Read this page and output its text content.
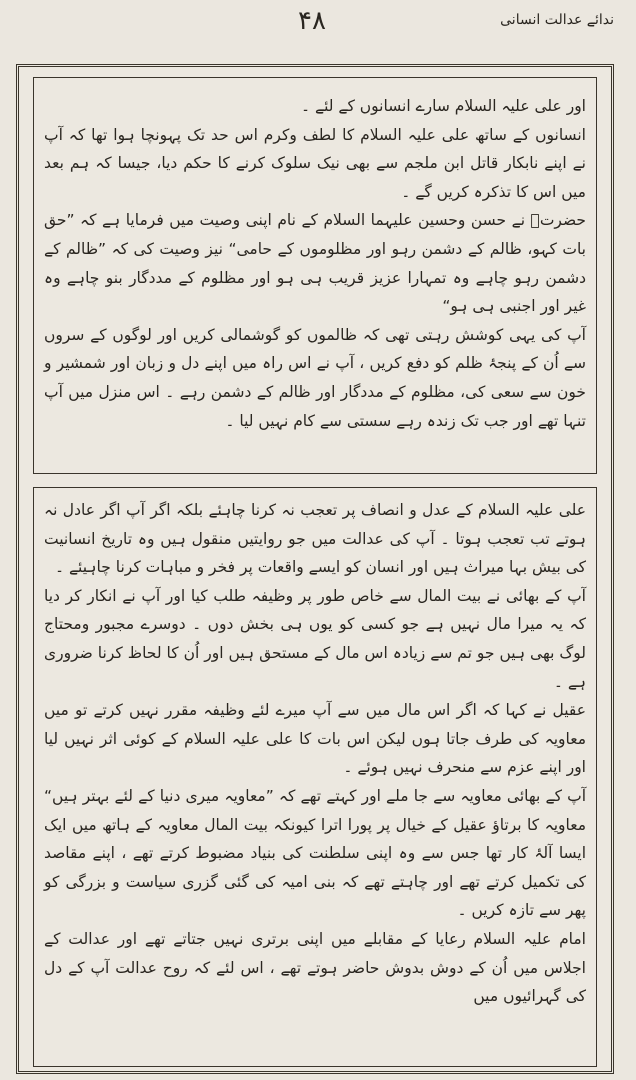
۴۸	ندائے عدالت انسانی

اور علی علیہ السلام سارے انسانوں کے لئے ۔

انسانوں کے ساتھ علی علیہ السلام کا لطف وکرم اس حد تک پہونچا ہوا تھا کہ آپ نے اپنے نابکار قاتل ابن ملجم سے بھی نیک سلوک کرنے کا حکم دیا، جیسا کہ ہم بعد میں اس کا تذکرہ کریں گے ۔

حضرتؑ نے حسن وحسین علیہما السلام کے نام اپنی وصیت میں فرمایا ہے کہ ”حق بات کہو، ظالم کے دشمن رہو اور مظلوموں کے حامی“ نیز وصیت کی کہ ”ظالم کے دشمن رہو چاہے وہ تمہارا عزیز قریب ہی ہو اور مظلوم کے مددگار بنو چاہے وہ غیر اور اجنبی ہی ہو“

آپ کی یہی کوشش رہتی تھی کہ ظالموں کو گوشمالی کریں اور لوگوں کے سروں سے اُن کے پنجۂ ظلم کو دفع کریں ، آپ نے اس راہ میں اپنے دل و زبان اور شمشیر و خون سے سعی کی، مظلوم کے مددگار اور ظالم کے دشمن رہے ۔ اس منزل میں آپ تنہا تھے اور جب تک زندہ رہے سستی سے کام نہیں لیا ۔

علی علیہ السلام کے عدل و انصاف پر تعجب نہ کرنا چاہئے بلکہ اگر آپ اگر عادل نہ ہوتے تب تعجب ہوتا ۔ آپ کی عدالت میں جو روایتیں منقول ہیں وہ تاریخ انسانیت کی بیش بہا میراث ہیں اور انسان کو ایسے واقعات پر فخر و مباہات کرنا چاہیئے ۔

آپ کے بھائی نے بیت المال سے خاص طور پر وظیفہ طلب کیا اور آپ نے انکار کر دیا کہ یہ میرا مال نہیں ہے جو کسی کو یوں ہی بخش دوں ۔ دوسرے مجبور ومحتاج لوگ بھی ہیں جو تم سے زیادہ اس مال کے مستحق ہیں اور اُن کا لحاظ کرنا ضروری ہے ۔

عقیل نے کہا کہ اگر اس مال میں سے آپ میرے لئے وظیفہ مقرر نہیں کرتے تو میں معاویہ کی طرف جاتا ہوں لیکن اس بات کا علی علیہ السلام کے کوئی اثر نہیں لیا اور اپنے عزم سے منحرف نہیں ہوئے ۔

آپ کے بھائی معاویہ سے جا ملے اور کہتے تھے کہ ”معاویہ میری دنیا کے لئے بہتر ہیں“ معاویہ کا برتاؤ عقیل کے خیال پر پورا اترا کیونکہ بیت المال معاویہ کے ہاتھ میں ایک ایسا آلۂ کار تھا جس سے وہ اپنی سلطنت کی بنیاد مضبوط کرتے تھے ، اپنے مقاصد کی تکمیل کرتے تھے اور چاہتے تھے کہ بنی امیہ کی گئی گزری سیاست و بزرگی کو پھر سے تازہ کریں ۔

امام علیہ السلام رعایا کے مقابلے میں اپنی برتری نہیں جتاتے تھے اور عدالت کے اجلاس میں اُن کے دوش بدوش حاضر ہوتے تھے ، اس لئے کہ روح عدالت آپ کے دل کی گہرائیوں میں
